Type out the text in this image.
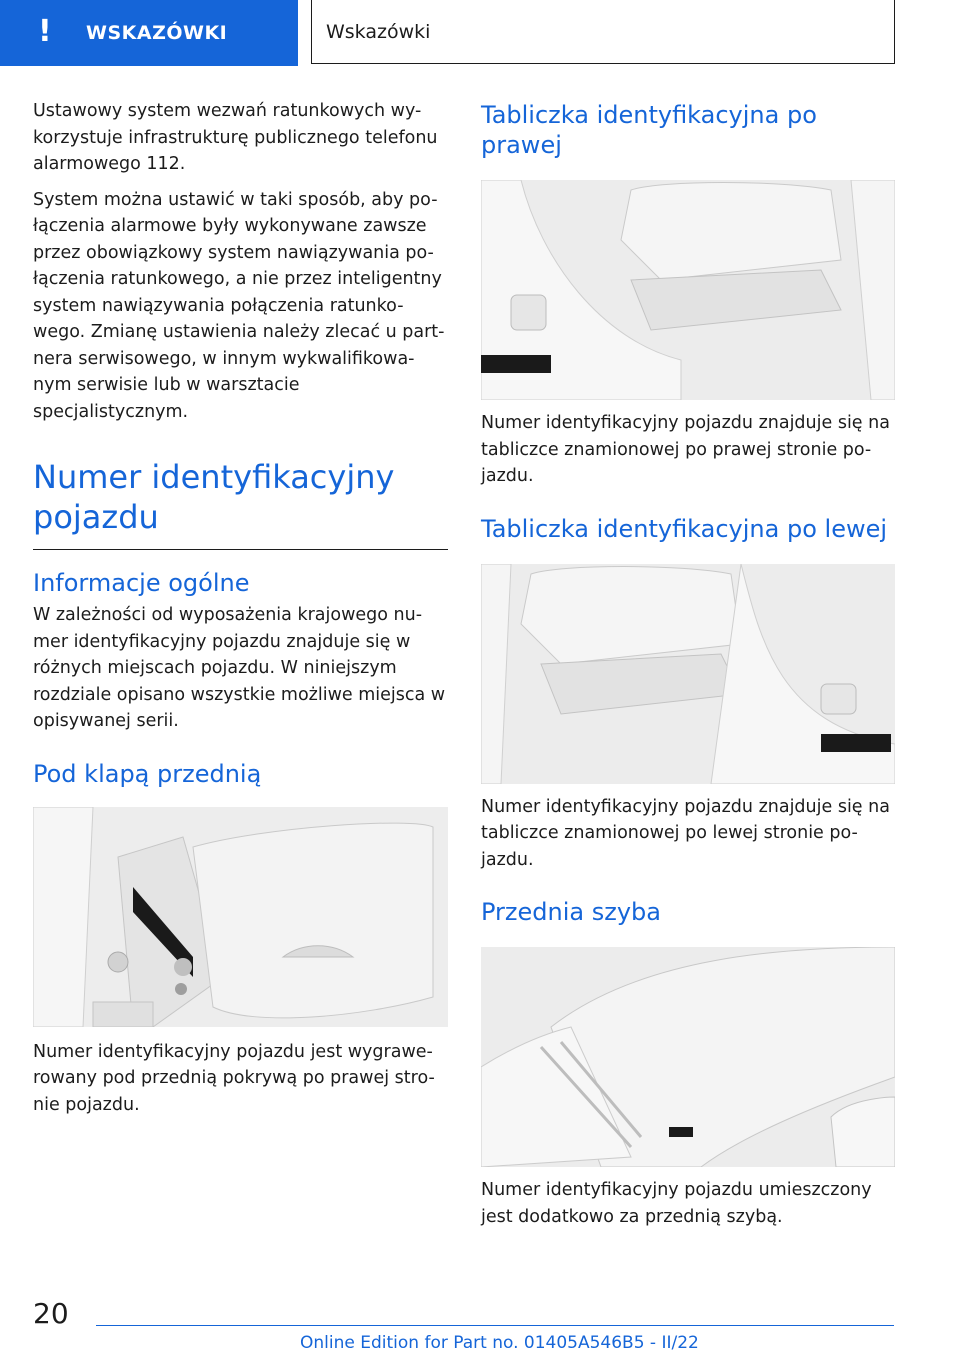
! WSKAZÓWKI	Wskazówki

Ustawowy system wezwań ratunkowych wy-korzystuje infrastrukturę publicznego telefonu alarmowego 112.

System można ustawić w taki sposób, aby po-łączenia alarmowe były wykonywane zawsze przez obowiązkowy system nawiązywania po-łączenia ratunkowego, a nie przez inteligentny system nawiązywania połączenia ratunko-wego. Zmianę ustawienia należy zlecać u part-nera serwisowego, w innym wykwalifikowa-nym serwisie lub w warsztacie specjalistycznym.

Numer identyfikacyjny pojazdu
Informacje ogólne

W zależności od wyposażenia krajowego nu-mer identyfikacyjny pojazdu znajduje się w różnych miejscach pojazdu. W niniejszym rozdziale opisano wszystkie możliwe miejsca w opisywanej serii.

Pod klapą przednią

Numer identyfikacyjny pojazdu jest wygrawe-rowany pod przednią pokrywą po prawej stro-nie pojazdu.

Tabliczka identyfikacyjna po prawej

Numer identyfikacyjny pojazdu znajduje się na tabliczce znamionowej po prawej stronie po-jazdu.

Tabliczka identyfikacyjna po lewej

Numer identyfikacyjny pojazdu znajduje się na tabliczce znamionowej po lewej stronie po-jazdu.

Przednia szyba

Numer identyfikacyjny pojazdu umieszczony jest dodatkowo za przednią szybą.

20
Online Edition for Part no. 01405A546B5 - II/22
